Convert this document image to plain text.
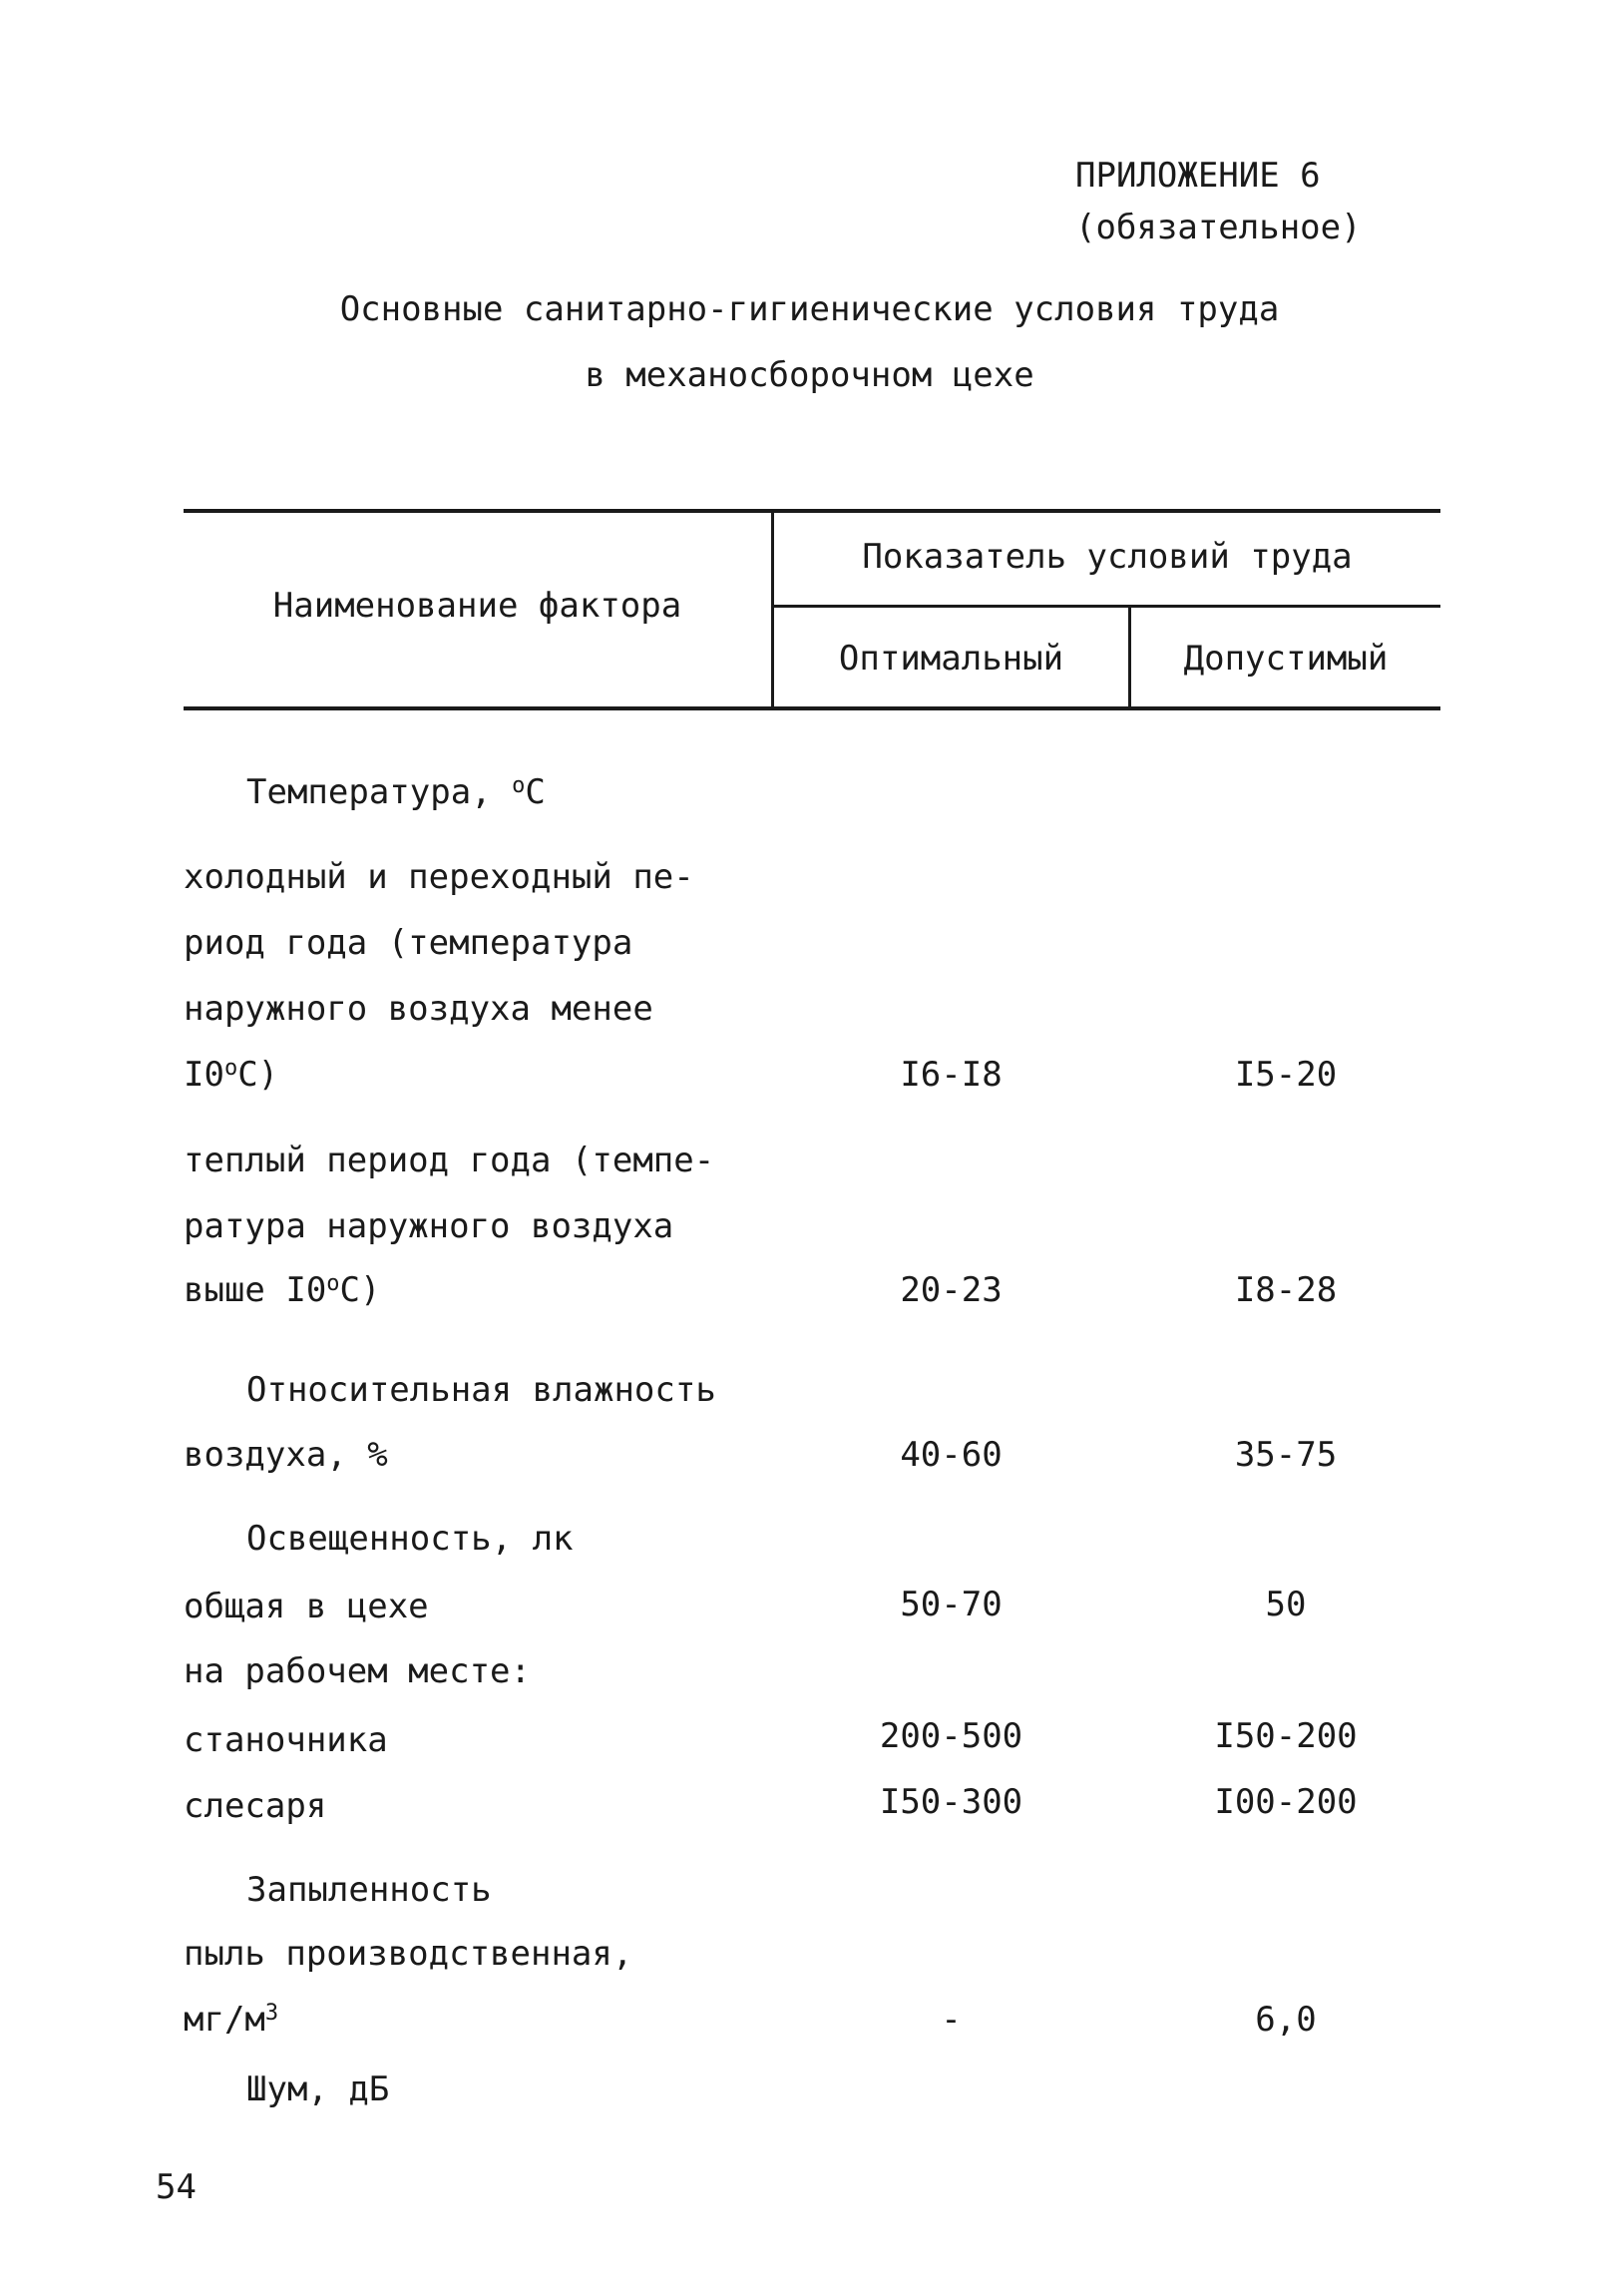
ПРИЛОЖЕНИЕ 6
(обязательное)
Основные санитарно-гигиенические условия труда
в механосборочном цехе
Наименование фактора
Показатель условий труда
Оптимальный	Допустимый
Температура, $^о$С
холодный и переходный пе-
риод года (температура
наружного воздуха менее
$I0^оС$)	I6-I8	I5-20
теплый период года (темпе-
ратура наружного воздуха
выше $I0^оС$)	20-23	I8-28
Относительная влажность
воздуха, %	40-60	35-75
Освещенность, лк
общая в цехе	50-70	50
на рабочем месте:
станочника	200-500	I50-200
слесаря	I50-300	I00-200
Запыленность
пыль производственная,
$мг/м^3$	-	6,0
Шум, дБ
54
